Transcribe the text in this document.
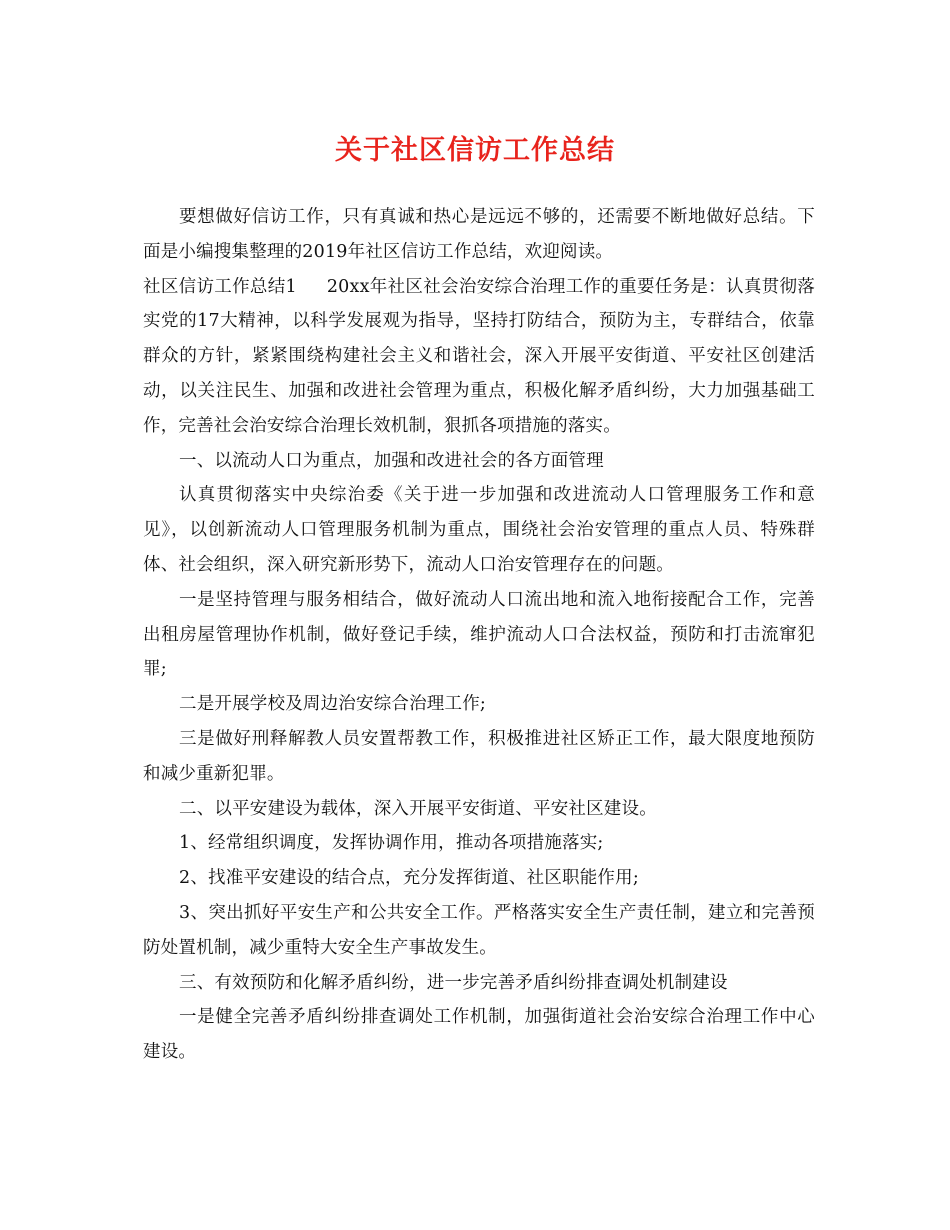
关于社区信访工作总结

要想做好信访工作，只有真诚和热心是远远不够的，还需要不断地做好总结。下面是小编搜集整理的2019年社区信访工作总结，欢迎阅读。

社区信访工作总结1 20xx年社区社会治安综合治理工作的重要任务是：认真贯彻落实党的17大精神，以科学发展观为指导，坚持打防结合，预防为主，专群结合，依靠群众的方针，紧紧围绕构建社会主义和谐社会，深入开展平安街道、平安社区创建活动，以关注民生、加强和改进社会管理为重点，积极化解矛盾纠纷，大力加强基础工作，完善社会治安综合治理长效机制，狠抓各项措施的落实。

一、以流动人口为重点，加强和改进社会的各方面管理

认真贯彻落实中央综治委《关于进一步加强和改进流动人口管理服务工作和意见》，以创新流动人口管理服务机制为重点，围绕社会治安管理的重点人员、特殊群体、社会组织，深入研究新形势下，流动人口治安管理存在的问题。

一是坚持管理与服务相结合，做好流动人口流出地和流入地衔接配合工作，完善出租房屋管理协作机制，做好登记手续，维护流动人口合法权益，预防和打击流窜犯罪;

二是开展学校及周边治安综合治理工作;

三是做好刑释解教人员安置帮教工作，积极推进社区矫正工作，最大限度地预防和减少重新犯罪。

二、以平安建设为载体，深入开展平安街道、平安社区建设。

1、经常组织调度，发挥协调作用，推动各项措施落实;

2、找准平安建设的结合点，充分发挥街道、社区职能作用;

3、突出抓好平安生产和公共安全工作。严格落实安全生产责任制，建立和完善预防处置机制，减少重特大安全生产事故发生。

三、有效预防和化解矛盾纠纷，进一步完善矛盾纠纷排查调处机制建设

一是健全完善矛盾纠纷排查调处工作机制，加强街道社会治安综合治理工作中心建设。
